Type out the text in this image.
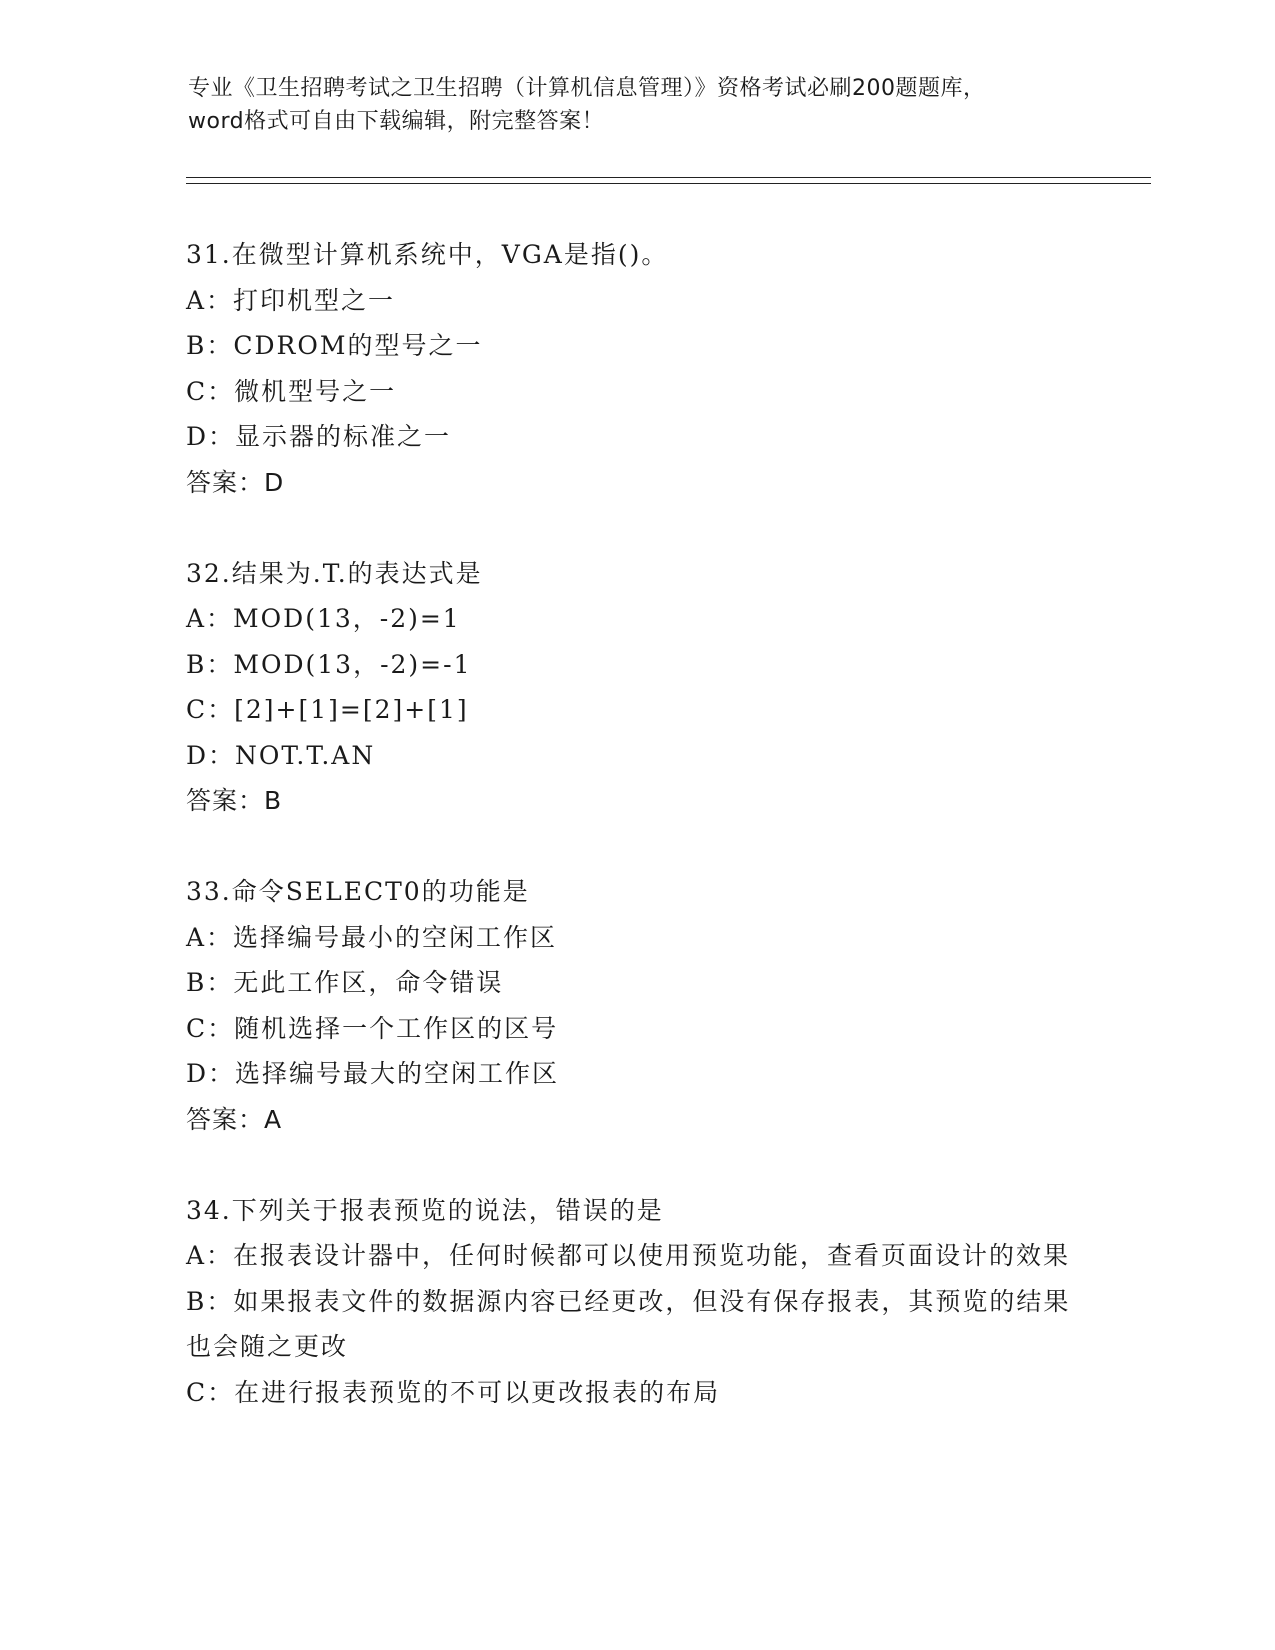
专业《卫生招聘考试之卫生招聘（计算机信息管理）》资格考试必刷200题题库，
word格式可自由下载编辑，附完整答案！
31.在微型计算机系统中，VGA是指()。
A：打印机型之一
B：CDROM的型号之一
C：微机型号之一
D：显示器的标准之一
答案：D
32.结果为.T.的表达式是
A：MOD(13，-2)=1
B：MOD(13，-2)=-1
C：[2]+[1]=[2]+[1]
D：NOT.T.AN
答案：B
33.命令SELECT0的功能是
A：选择编号最小的空闲工作区
B：无此工作区，命令错误
C：随机选择一个工作区的区号
D：选择编号最大的空闲工作区
答案：A
34.下列关于报表预览的说法，错误的是
A：在报表设计器中，任何时候都可以使用预览功能，查看页面设计的效果
B：如果报表文件的数据源内容已经更改，但没有保存报表，其预览的结果也会随之更改
C：在进行报表预览的不可以更改报表的布局
